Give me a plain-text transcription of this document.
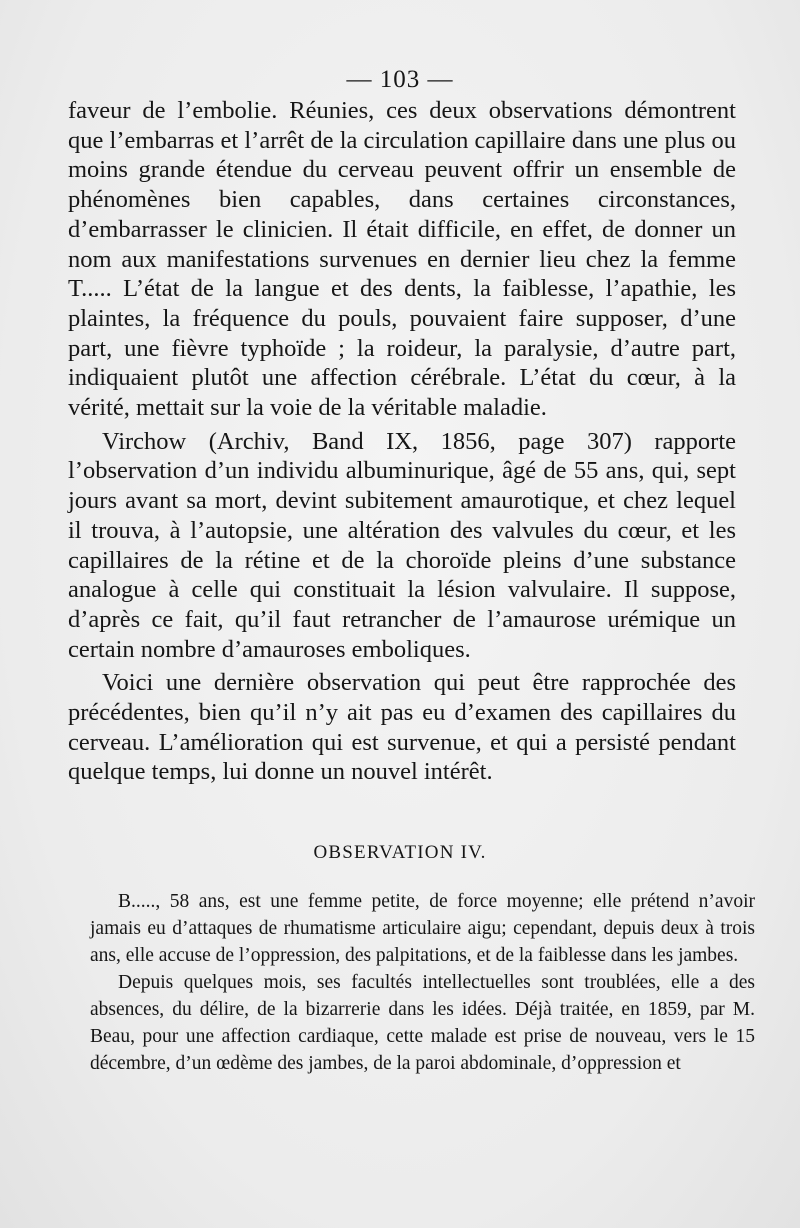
— 103 —

faveur de l’embolie. Réunies, ces deux observations démontrent que l’embarras et l’arrêt de la circulation capillaire dans une plus ou moins grande étendue du cerveau peuvent offrir un ensemble de phénomènes bien capables, dans certaines circonstances, d’embarrasser le clinicien. Il était difficile, en effet, de donner un nom aux manifestations survenues en dernier lieu chez la femme T..... L’état de la langue et des dents, la faiblesse, l’apathie, les plaintes, la fréquence du pouls, pouvaient faire supposer, d’une part, une fièvre typhoïde ; la roideur, la paralysie, d’autre part, indiquaient plutôt une affection cérébrale. L’état du cœur, à la vérité, mettait sur la voie de la véritable maladie.

Virchow (Archiv, Band IX, 1856, page 307) rapporte l’observation d’un individu albuminurique, âgé de 55 ans, qui, sept jours avant sa mort, devint subitement amaurotique, et chez lequel il trouva, à l’autopsie, une altération des valvules du cœur, et les capillaires de la rétine et de la choroïde pleins d’une substance analogue à celle qui constituait la lésion valvulaire. Il suppose, d’après ce fait, qu’il faut retrancher de l’amaurose urémique un certain nombre d’amauroses emboliques.

Voici une dernière observation qui peut être rapprochée des précédentes, bien qu’il n’y ait pas eu d’examen des capillaires du cerveau. L’amélioration qui est survenue, et qui a persisté pendant quelque temps, lui donne un nouvel intérêt.

OBSERVATION IV.

B....., 58 ans, est une femme petite, de force moyenne; elle prétend n’avoir jamais eu d’attaques de rhumatisme articulaire aigu; cependant, depuis deux à trois ans, elle accuse de l’oppression, des palpitations, et de la faiblesse dans les jambes.

Depuis quelques mois, ses facultés intellectuelles sont troublées, elle a des absences, du délire, de la bizarrerie dans les idées. Déjà traitée, en 1859, par M. Beau, pour une affection cardiaque, cette malade est prise de nouveau, vers le 15 décembre, d’un œdème des jambes, de la paroi abdominale, d’oppression et
